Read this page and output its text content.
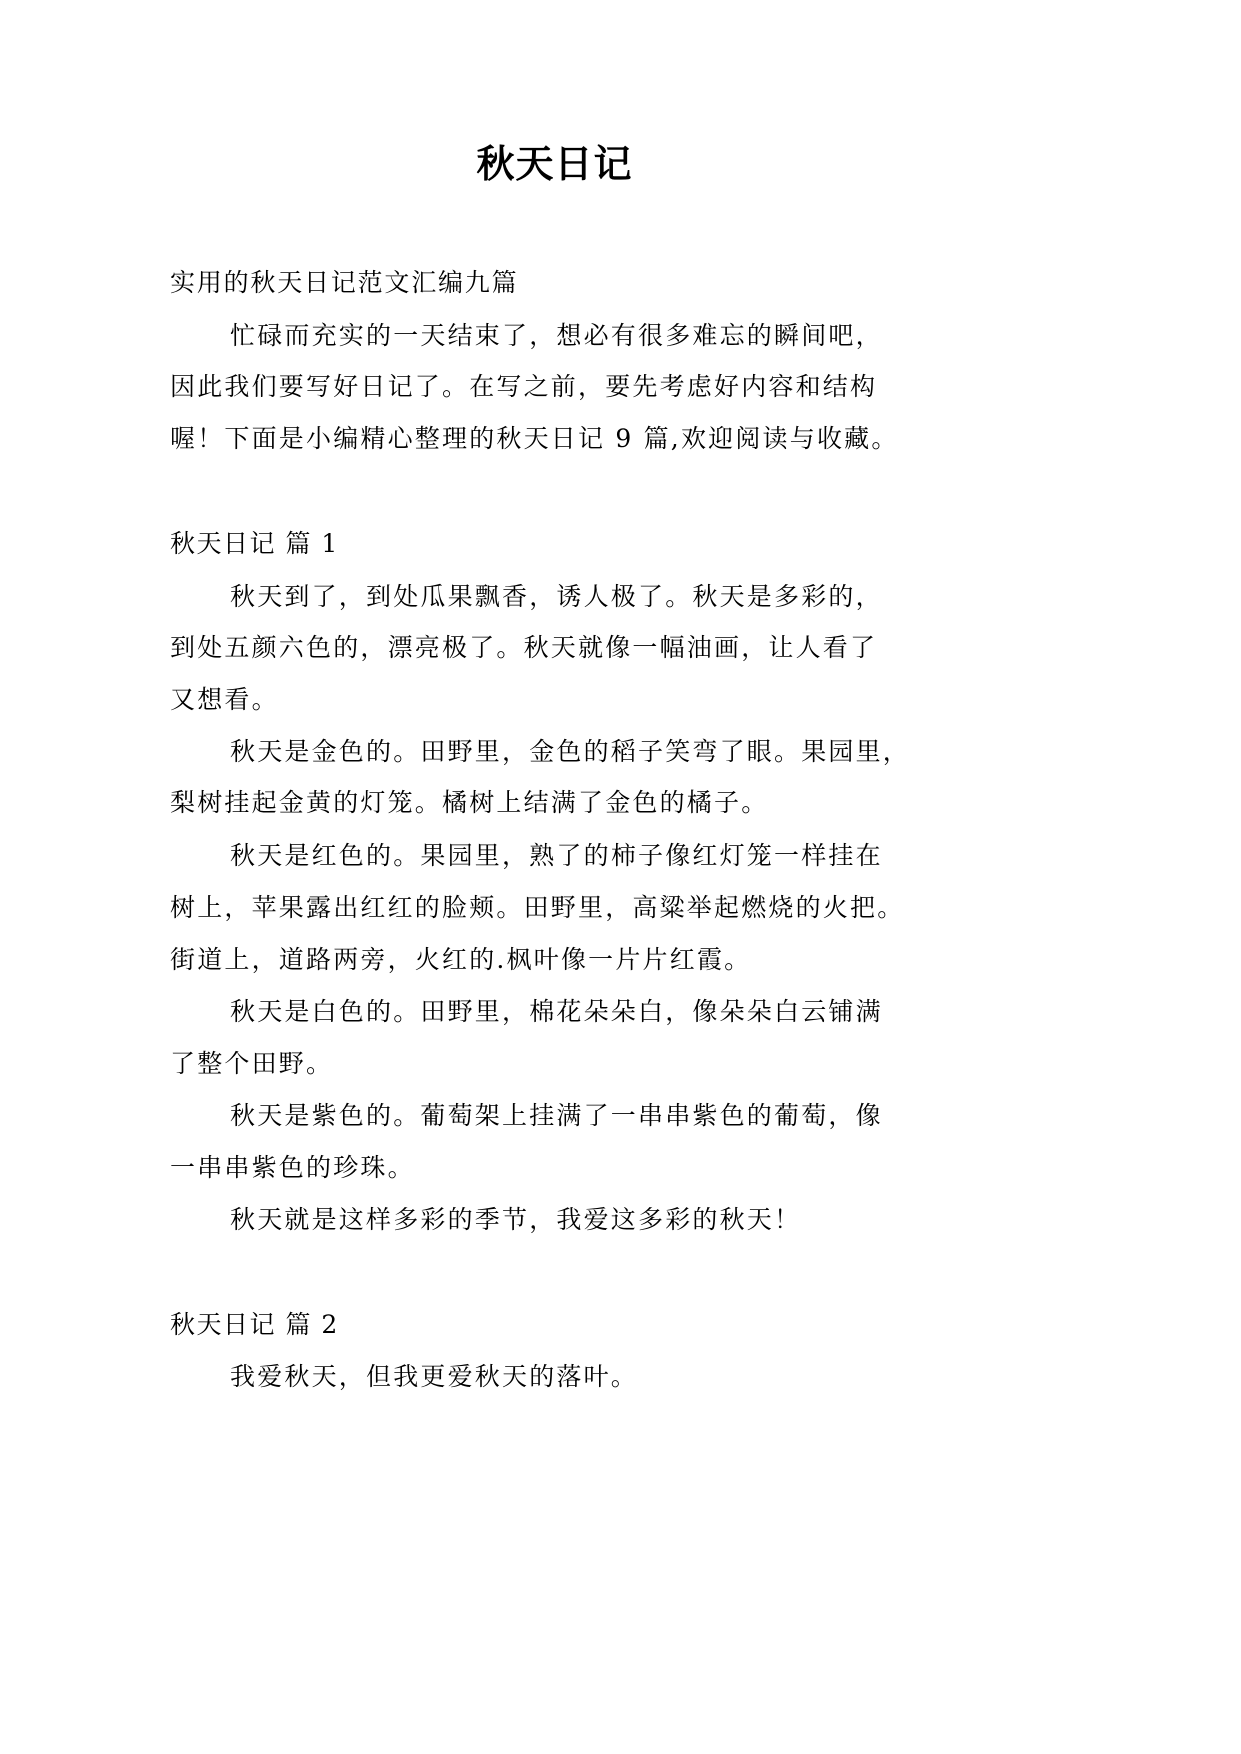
秋天日记
实用的秋天日记范文汇编九篇
忙碌而充实的一天结束了，想必有很多难忘的瞬间吧，
因此我们要写好日记了。在写之前，要先考虑好内容和结构
喔！下面是小编精心整理的秋天日记 9 篇,欢迎阅读与收藏。
秋天日记 篇 1
秋天到了，到处瓜果飘香，诱人极了。秋天是多彩的，
到处五颜六色的，漂亮极了。秋天就像一幅油画，让人看了
又想看。
秋天是金色的。田野里，金色的稻子笑弯了眼。果园里，
梨树挂起金黄的灯笼。橘树上结满了金色的橘子。
秋天是红色的。果园里，熟了的柿子像红灯笼一样挂在
树上，苹果露出红红的脸颊。田野里，高粱举起燃烧的火把。
街道上，道路两旁，火红的.枫叶像一片片红霞。
秋天是白色的。田野里，棉花朵朵白，像朵朵白云铺满
了整个田野。
秋天是紫色的。葡萄架上挂满了一串串紫色的葡萄，像
一串串紫色的珍珠。
秋天就是这样多彩的季节，我爱这多彩的秋天！
秋天日记 篇 2
我爱秋天，但我更爱秋天的落叶。
